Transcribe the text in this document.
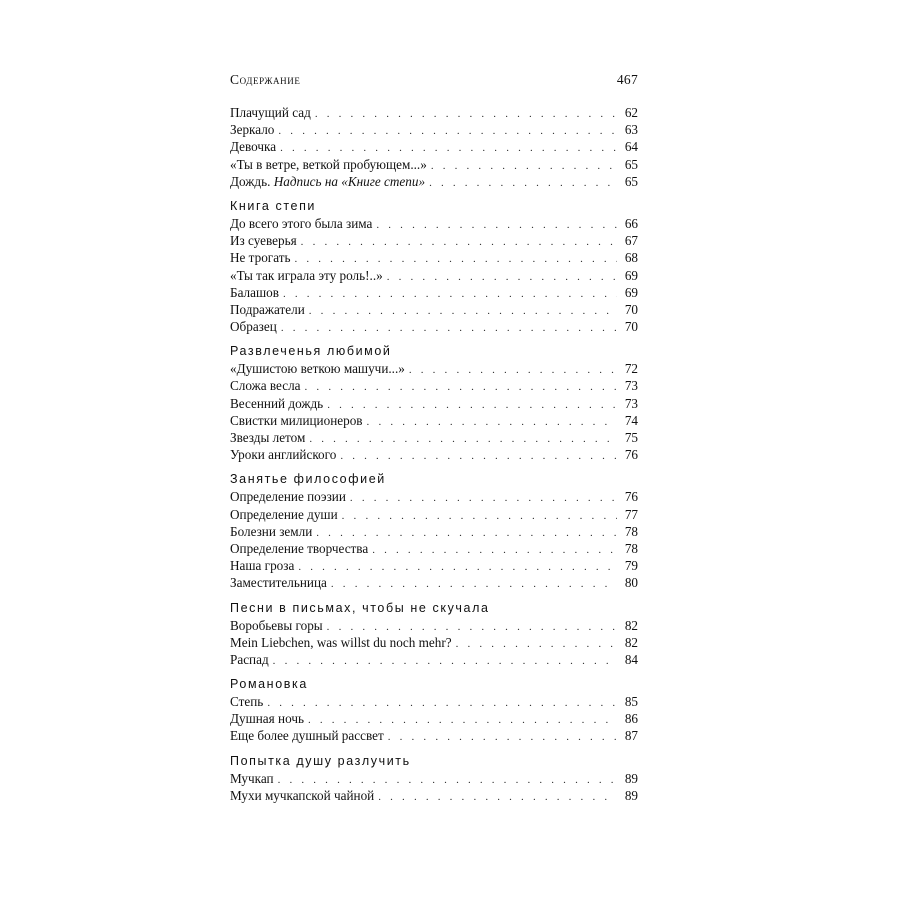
Содержание	467
Плачущий сад . . .	62
Зеркало . . .	63
Девочка . . .	64
«Ты в ветре, веткой пробующем...» . . .	65
Дождь. Надпись на «Книге степи» . . .	65
Книга степи
До всего этого была зима . . .	66
Из суеверья . . .	67
Не трогать . . .	68
«Ты так играла эту роль!..» . . .	69
Балашов . . .	69
Подражатели . . .	70
Образец . . .	70
Развлеченья любимой
«Душистою веткою машучи...» . . .	72
Сложа весла . . .	73
Весенний дождь . . .	73
Свистки милиционеров . . .	74
Звезды летом . . .	75
Уроки английского . . .	76
Занятье философией
Определение поэзии . . .	76
Определение души . . .	77
Болезни земли . . .	78
Определение творчества . . .	78
Наша гроза . . .	79
Заместительница . . .	80
Песни в письмах, чтобы не скучала
Воробьевы горы . . .	82
Mein Liebchen, was willst du noch mehr? . . .	82
Распад . . .	84
Романовка
Степь . . .	85
Душная ночь . . .	86
Еще более душный рассвет . . .	87
Попытка душу разлучить
Мучкап . . .	89
Мухи мучкапской чайной . . .	89
